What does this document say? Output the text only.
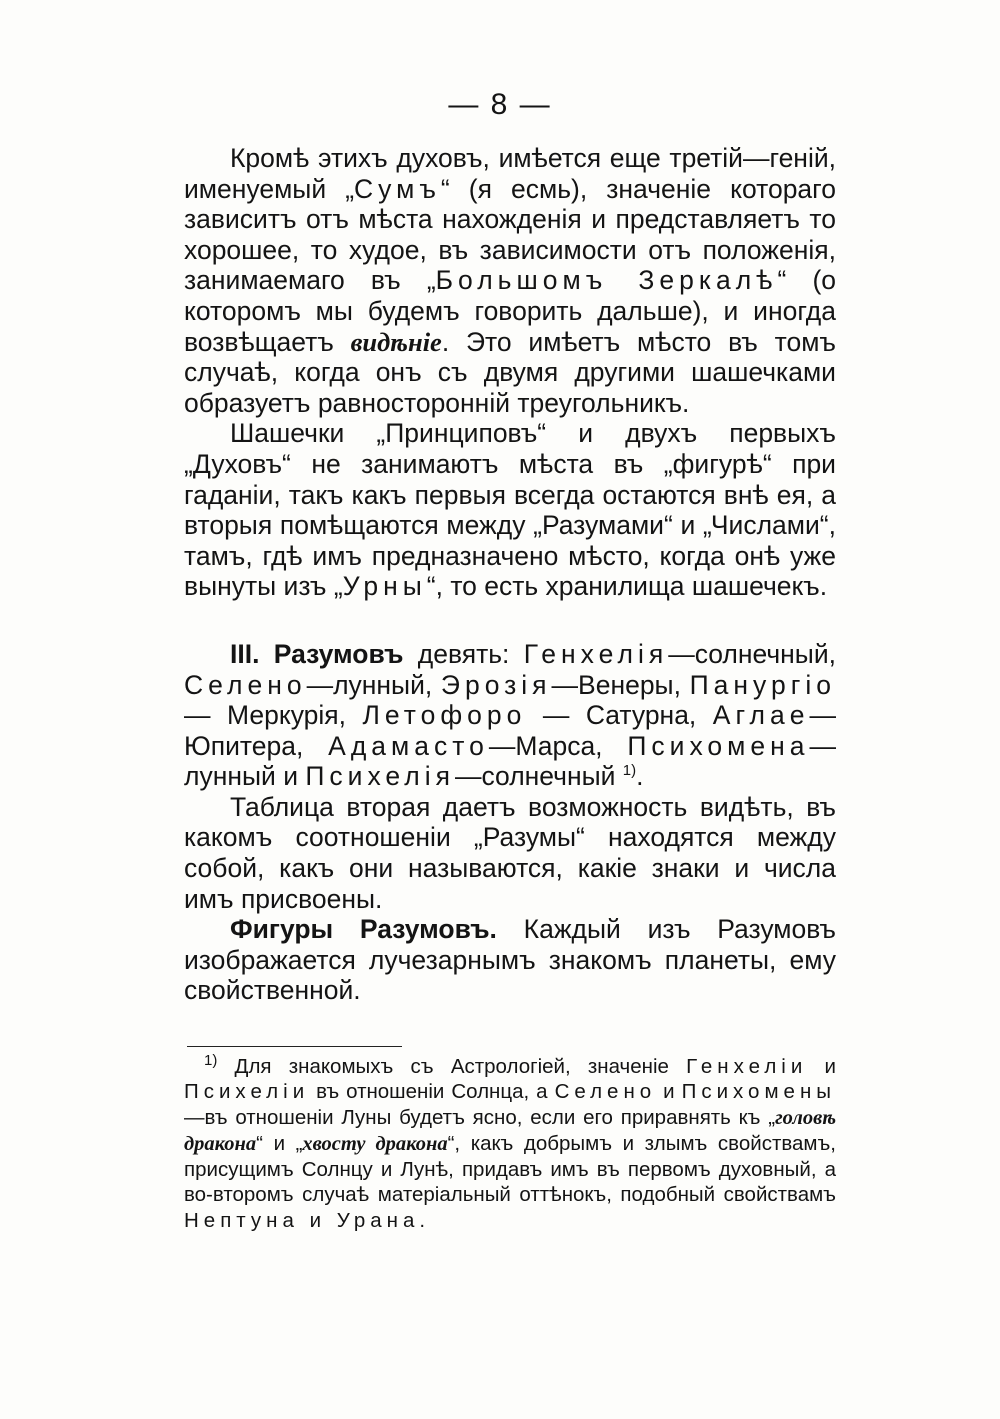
— 8 —

Кромѣ этихъ духовъ, имѣется еще третій—геній, именуемый „Сумъ“ (я есмь), значеніе котораго зависитъ отъ мѣста нахожденія и представляетъ то хорошее, то худое, въ зависимости отъ положенія, занимаемаго въ „Большомъ Зеркалѣ“ (о которомъ мы будемъ говорить дальше), и иногда возвѣщаетъ видѣніе. Это имѣетъ мѣсто въ томъ случаѣ, когда онъ съ двумя другими шашечками образуетъ равносторонній треугольникъ.

Шашечки „Принциповъ“ и двухъ первыхъ „Духовъ“ не занимаютъ мѣста въ „фигурѣ“ при гаданіи, такъ какъ первыя всегда остаются внѣ ея, а вторыя помѣщаются между „Разумами“ и „Числами“, тамъ, гдѣ имъ предназначено мѣсто, когда онѣ уже вынуты изъ „Урны“, то есть хранилища шашечекъ.

III. Разумовъ девять: Генхелія—солнечный, Селено—лунный, Эрозія—Венеры, Панургіо — Меркурія, Летофоро — Сатурна, Аглае—Юпитера, Адамасто—Марса, Психомена—лунный и Психелія—солнечный $^{1)}$.

Таблица вторая даетъ возможность видѣть, въ какомъ соотношеніи „Разумы“ находятся между собой, какъ они называются, какіе знаки и числа имъ присвоены.

Фигуры Разумовъ. Каждый изъ Разумовъ изображается лучезарнымъ знакомъ планеты, ему свойственной.

$^{1)}$ Для знакомыхъ съ Астрологіей, значеніе Генхеліи и Психеліи въ отношеніи Солнца, а Селено и Психомены—въ отношеніи Луны будетъ ясно, если его приравнять къ „головѣ дракона“ и „хвосту дракона“, какъ добрымъ и злымъ свойствамъ, присущимъ Солнцу и Лунѣ, придавъ имъ въ первомъ духовный, а во-второмъ случаѣ матеріальный оттѣнокъ, подобный свойствамъ Нептуна и Урана.
